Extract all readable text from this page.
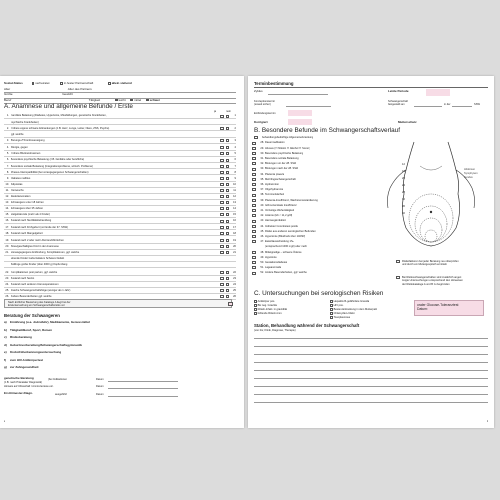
Sozial-Status	verheiratet	in fester Partnerschaft	allein stehend
Alter	Alter des Partners
Größe	Gewicht
Beruf	Tätigkeit	leicht	mittel	schwer
A. Anamnese und allgemeine Befunde / Erste
ja	nein
1. Familiäre Belastung (Diabetes, Hypertonie, Missbildungen, genetische Krankheiten,	1
psychische Krankheiten)
2. Frühere eigene schwere Erkrankungen (z.B. Herz, Lunge, Leber, Niere, ZNS, Psyche)	2
ggf. welche
3. Blutungs-/Thromboseneigung	3
4. Allergie, gegen	4
5. Frühere Bluttransfusionen	5
6. Besondere psychische Belastung (z.B. familiäre oder berufliche)	6
7. Besondere soziale Belastung (Integrationsprobleme, wirtsch. Probleme)	7
8. Rhesus-Inkompatibilität (bei vorangegangenen Schwangerschaften)	8
9. Diabetes mellitus	9
10. Adipositas	10
11. Kleinwuchs	11
12. Skelettanomalien	12
13. Schwangere unter 18 Jahren	13
14. Schwangere über 35 Jahren	14
15. Vielgebärende (mehr als 4 Kinder)	15
16. Zustand nach Sterilitätsbehandlung	16
17. Zustand nach Frühgeburt (vor Ende der 37. SSW)	17
18. Zustand nach Mangelgeburt	18
19. Zustand nach 2 oder mehr Aborten/Abbrüchen	19
20. Totes/geschädigtes Kind in der Anamnese	20
21. Vorausgegangene Entbindung, Komplikationen, ggf. welche	21
lebende Kinder Geburtsdatum Schwere Defekt
Zwillinge große Kinder (über 4000 g) Kopfumfang
22. Komplikationen post partum, ggf. welche	22
23. Zustand nach Sectio	23
24. Zustand nach anderen Uterusoperationen	24
25. Rasche Schwangerschaftsfolge (weniger als 1 Jahr)	25
26. Andere Besonderheiten ggf. welche	26
Nach ärztlicher Bewertung des Katalogs A liegt bei der
Erstuntersuchung ein Schwangerschaftsrisiko vor
Beratung der Schwangeren
a) Ernährung (u.a. Jodzufuhr), Medikamente, Genussmittel
b) Tätigkeit/Beruf, Sport, Reisen
c) Risikoberatung
d) Geburtsvorbereitung/Schwangerschaftsgymnastik
e) Krebsfrüherkennungsuntersuchung
f) zum HIV-Antikörpertest
g) zur Zahngesundheit
genetische Beratung	(bei Indikationen
(z.B. nach Pränataler Diagnostik)
Hinweis auf Ultraschall / Amniozentese etc.
Datum
Datum
Ersttrimester-Diagn.	ausgeführt	Datum
2
Terminbestimmung
Zyklus	Letzte Periode
Konzeptionstermin
(soweit sicher)
Schwangerschaft
festgestellt am	in der	SSW
Entbindungstermin
Korrigiert	Mutterschutz
B. Besondere Befunde im Schwangerschaftsverlauf
behandlungsbedürftige Allgemeinerkrankung
28. Dauermedikation
29. Abusus (☐ Nikotin ☐ Alkohol ☐ Sonst.)
30. Besondere psychische Belastung
31. Besondere soziale Belastung
32. Blutungen vor der 28. SSW
33. Blutungen nach der 28. SSW
34. Placenta praevia
35. Mehrlingsschwangerschaft
36. Hydramnion
37. Oligohydramnie
38. Terminunklarheit
39. Placenta-Insuffizienz, Wachstumsretardierung
40. Isthmozervikale Insuffizienz
41. Vorzeitige Wehentätigkeit
42. Anämie (Hb < 11,2 g/dl)
43. Harnwegsinfektion
44. Indirekter Coombstest positiv
45. Risiko aus anderen serologischen Befunden
46. Hypertonie (Blutdruck über 140/90)
47. Eiweißausscheidung 1‰
(entsprechend 1000 mg/l) oder mehr
48. Mittelgradige – schwere Ödeme
49. Hypotonie
50. Gestationsdiabetes
51. Lageanomalie
52. Andere Besonderheiten, ggf. welche
40
36
32
28
24
20
16
12
Abdomen
Symphysen
Fundus
Risikofaktoren bei jeder Beratung neu überprüfen
und durch ein Muttergespräch ermitteln
Bei Risikoschwangerschaften sind zusätzlich angez.
zeigte Untersuchungen entsprechend den Hinweisen
der Risikokataloge A und B zu begründen
C. Untersuchungen bei serologischen Risiken
Antikörper pos.
BH neg. Gravida
Röteln-Infekt. in gravidität
fehlende Röteln-Imm.
Hepatitis B-gefährdete Gravida
HIV pos.
Besten-Erkrankung in dem Mutterpaß
Chlamydien-Infekt
Toxoplasmose
oraler Glucose-Toleranztest
Datum:
Station, Behandlung während der Schwangerschaft
(von bis; Klinik, Diagnose, Therapie)
3
